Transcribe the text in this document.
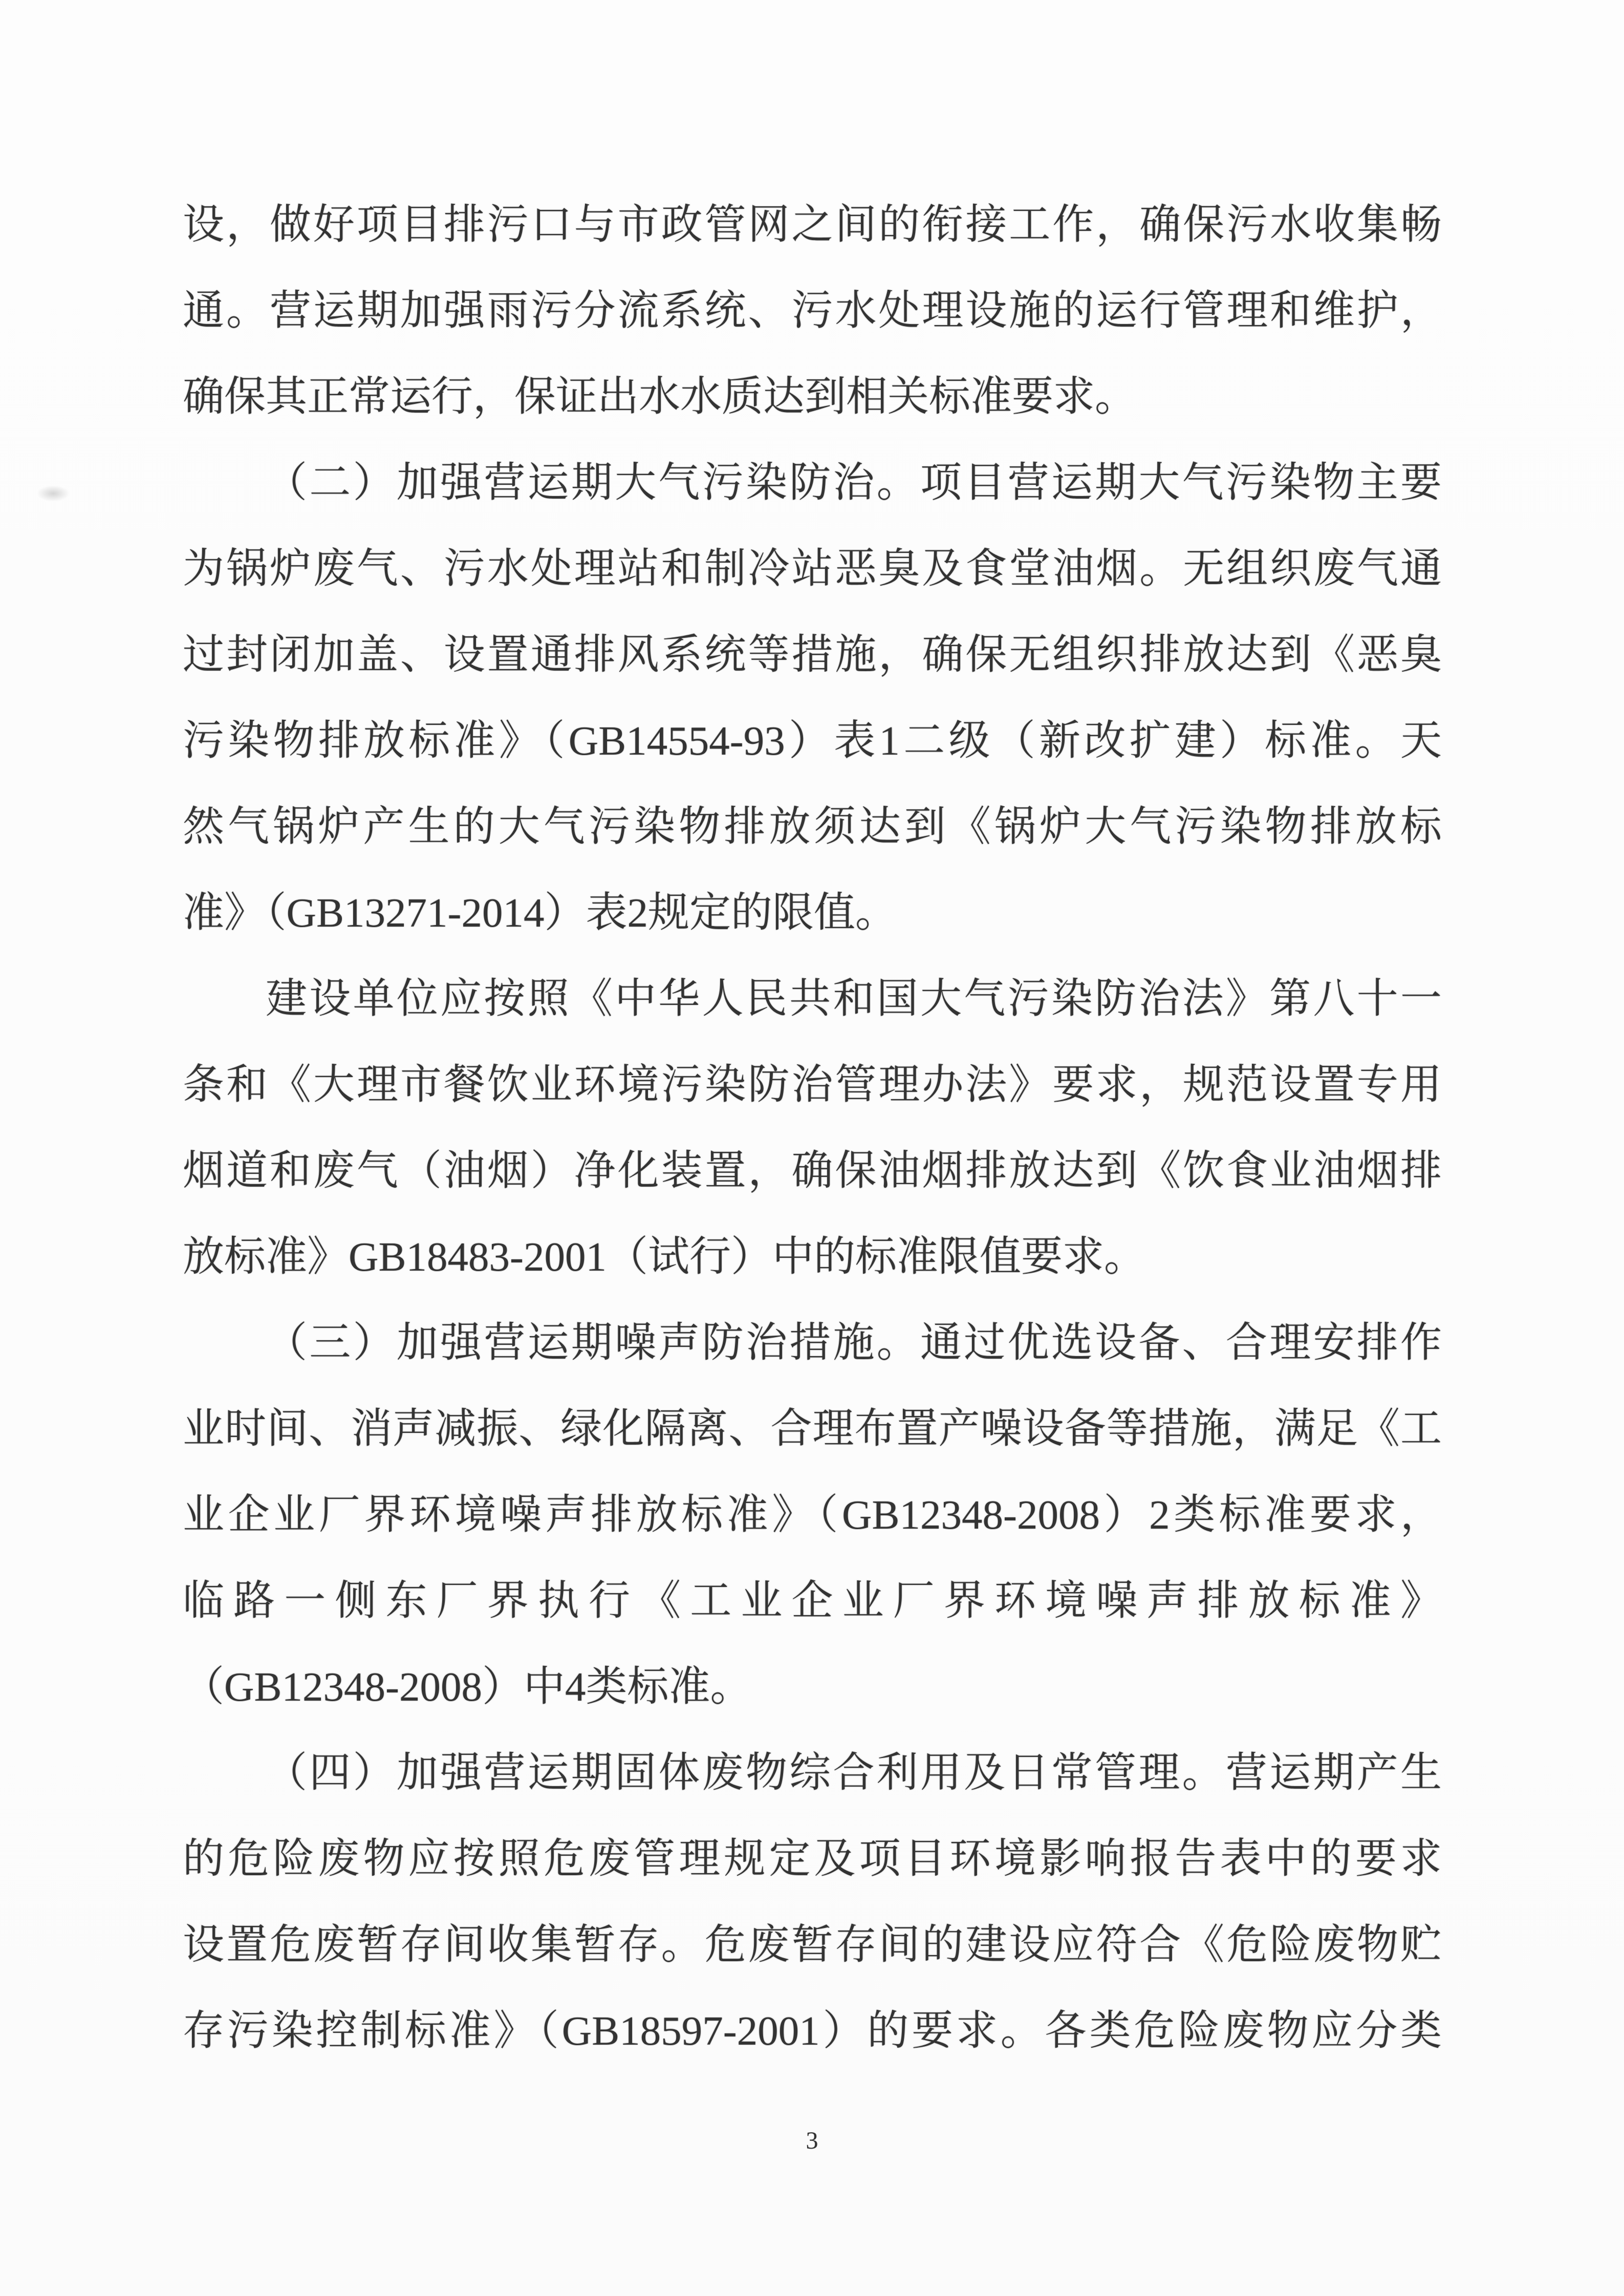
设，做好项目排污口与市政管网之间的衔接工作，确保污水收集畅
通。营运期加强雨污分流系统、污水处理设施的运行管理和维护，
确保其正常运行，保证出水水质达到相关标准要求。
（二）加强营运期大气污染防治。项目营运期大气污染物主要
为锅炉废气、污水处理站和制冷站恶臭及食堂油烟。无组织废气通
过封闭加盖、设置通排风系统等措施，确保无组织排放达到《恶臭
污染物排放标准》（GB14554-93）表1二级（新改扩建）标准。天
然气锅炉产生的大气污染物排放须达到《锅炉大气污染物排放标
准》（GB13271-2014）表2规定的限值。
建设单位应按照《中华人民共和国大气污染防治法》第八十一
条和《大理市餐饮业环境污染防治管理办法》要求，规范设置专用
烟道和废气（油烟）净化装置，确保油烟排放达到《饮食业油烟排
放标准》GB18483-2001（试行）中的标准限值要求。
（三）加强营运期噪声防治措施。通过优选设备、合理安排作
业时间、消声减振、绿化隔离、合理布置产噪设备等措施，满足《工
业企业厂界环境噪声排放标准》（GB12348-2008）2类标准要求，
临路一侧东厂界执行《工业企业厂界环境噪声排放标准》
（GB12348-2008）中4类标准。
（四）加强营运期固体废物综合利用及日常管理。营运期产生
的危险废物应按照危废管理规定及项目环境影响报告表中的要求
设置危废暂存间收集暂存。危废暂存间的建设应符合《危险废物贮
存污染控制标准》（GB18597-2001）的要求。各类危险废物应分类
3
